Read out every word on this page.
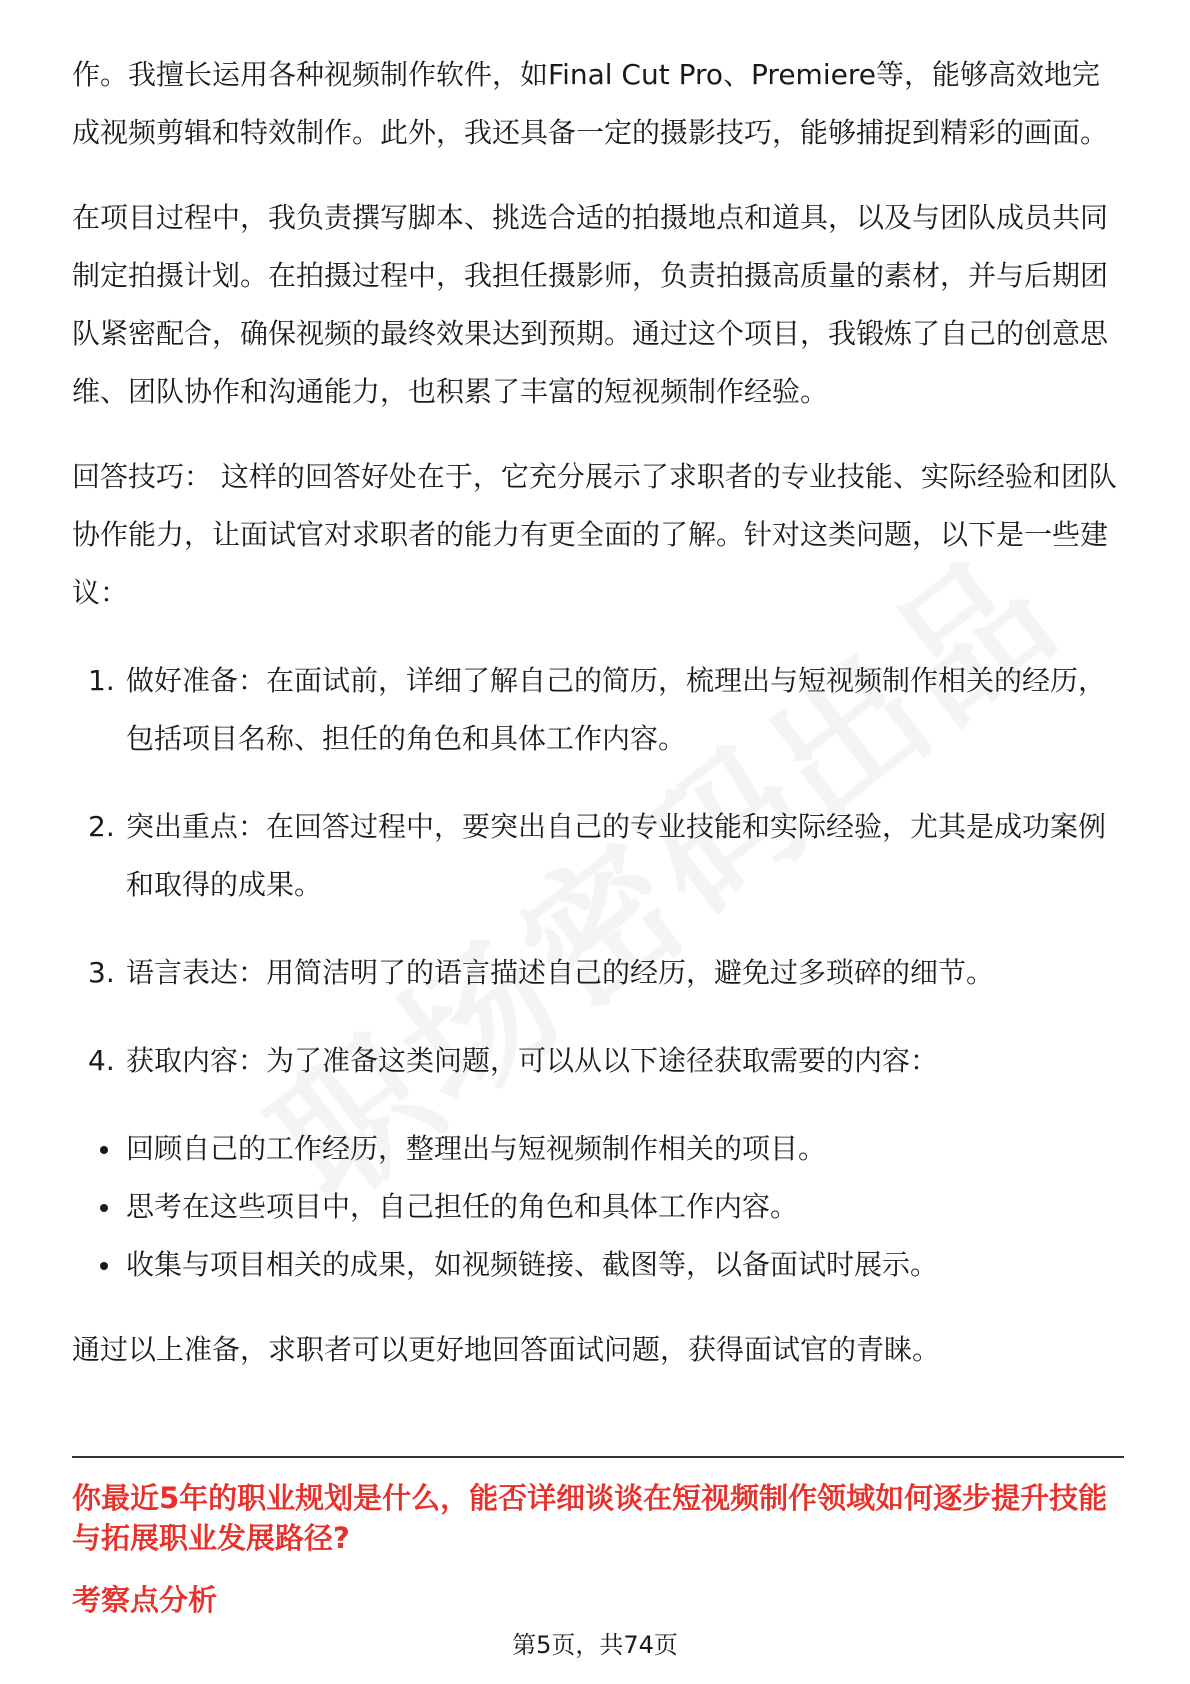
作。我擅长运用各种视频制作软件，如Final Cut Pro、Premiere等，能够高效地完成视频剪辑和特效制作。此外，我还具备一定的摄影技巧，能够捕捉到精彩的画面。

在项目过程中，我负责撰写脚本、挑选合适的拍摄地点和道具，以及与团队成员共同制定拍摄计划。在拍摄过程中，我担任摄影师，负责拍摄高质量的素材，并与后期团队紧密配合，确保视频的最终效果达到预期。通过这个项目，我锻炼了自己的创意思维、团队协作和沟通能力，也积累了丰富的短视频制作经验。

回答技巧： 这样的回答好处在于，它充分展示了求职者的专业技能、实际经验和团队协作能力，让面试官对求职者的能力有更全面的了解。针对这类问题，以下是一些建议：

1. 做好准备：在面试前，详细了解自己的简历，梳理出与短视频制作相关的经历，包括项目名称、担任的角色和具体工作内容。
2. 突出重点：在回答过程中，要突出自己的专业技能和实际经验，尤其是成功案例和取得的成果。
3. 语言表达：用简洁明了的语言描述自己的经历，避免过多琐碎的细节。
4. 获取内容：为了准备这类问题，可以从以下途径获取需要的内容：
回顾自己的工作经历，整理出与短视频制作相关的项目。
思考在这些项目中，自己担任的角色和具体工作内容。
收集与项目相关的成果，如视频链接、截图等，以备面试时展示。

通过以上准备，求职者可以更好地回答面试问题，获得面试官的青睐。

你最近5年的职业规划是什么，能否详细谈谈在短视频制作领域如何逐步提升技能与拓展职业发展路径?

考察点分析

第5页，共74页
